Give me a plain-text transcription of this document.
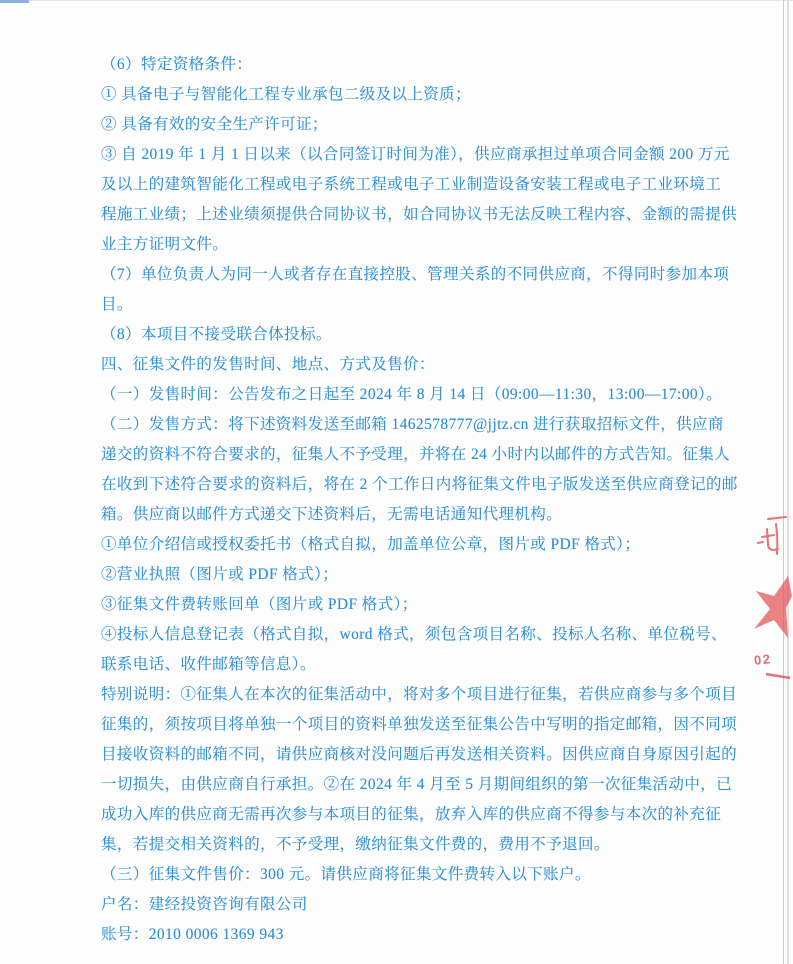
（6）特定资格条件：
① 具备电子与智能化工程专业承包二级及以上资质；
② 具备有效的安全生产许可证；
③ 自 2019 年 1 月 1 日以来（以合同签订时间为准），供应商承担过单项合同金额 200 万元
及以上的建筑智能化工程或电子系统工程或电子工业制造设备安装工程或电子工业环境工
程施工业绩；上述业绩须提供合同协议书，如合同协议书无法反映工程内容、金额的需提供
业主方证明文件。
（7）单位负责人为同一人或者存在直接控股、管理关系的不同供应商，不得同时参加本项
目。
（8）本项目不接受联合体投标。
四、征集文件的发售时间、地点、方式及售价：
（一）发售时间：公告发布之日起至 2024 年 8 月 14 日（09:00—11:30，13:00—17:00）。
（二）发售方式：将下述资料发送至邮箱 1462578777@jjtz.cn 进行获取招标文件，供应商
递交的资料不符合要求的，征集人不予受理，并将在 24 小时内以邮件的方式告知。征集人
在收到下述符合要求的资料后，将在 2 个工作日内将征集文件电子版发送至供应商登记的邮
箱。供应商以邮件方式递交下述资料后，无需电话通知代理机构。
①单位介绍信或授权委托书（格式自拟，加盖单位公章，图片或 PDF 格式）；
②营业执照（图片或 PDF 格式）；
③征集文件费转账回单（图片或 PDF 格式）；
④投标人信息登记表（格式自拟，word 格式，须包含项目名称、投标人名称、单位税号、
联系电话、收件邮箱等信息）。
特别说明：①征集人在本次的征集活动中，将对多个项目进行征集，若供应商参与多个项目
征集的，须按项目将单独一个项目的资料单独发送至征集公告中写明的指定邮箱，因不同项
目接收资料的邮箱不同，请供应商核对没问题后再发送相关资料。因供应商自身原因引起的
一切损失，由供应商自行承担。②在 2024 年 4 月至 5 月期间组织的第一次征集活动中，已
成功入库的供应商无需再次参与本项目的征集，放弃入库的供应商不得参与本次的补充征
集，若提交相关资料的，不予受理，缴纳征集文件费的，费用不予退回。
（三）征集文件售价：300 元。请供应商将征集文件费转入以下账户。
户名：建经投资咨询有限公司
账号：2010 0006 1369 943
02
